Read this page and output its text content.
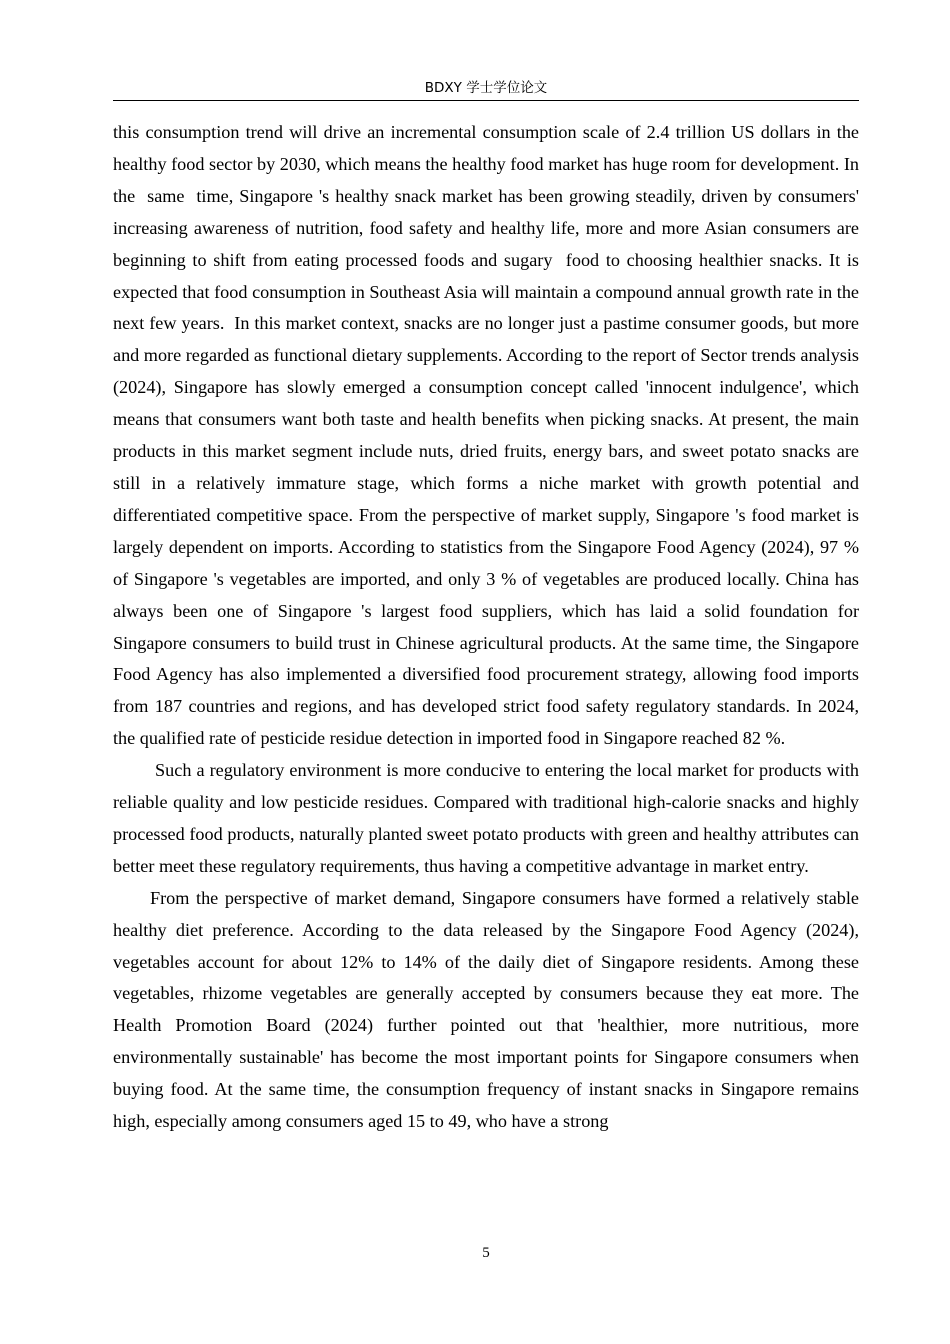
BDXY 学士学位论文

this consumption trend will drive an incremental consumption scale of 2.4 trillion US dollars in the healthy food sector by 2030, which means the healthy food market has huge room for development. In the  same  time, Singapore 's healthy snack market has been growing steadily, driven by consumers' increasing awareness of nutrition, food safety and healthy life, more and more Asian consumers are beginning to shift from eating processed foods and sugary  food to choosing healthier snacks. It is expected that food consumption in Southeast Asia will maintain a compound annual growth rate in the next few years.  In this market context, snacks are no longer just a pastime consumer goods, but more and more regarded as functional dietary supplements. According to the report of Sector trends analysis  (2024), Singapore has slowly emerged a consumption concept called 'innocent indulgence', which means that consumers want both taste and health benefits when picking snacks. At present, the main products in this market segment include nuts, dried fruits, energy bars, and sweet potato snacks are still in a relatively immature stage, which forms a niche market with growth potential and differentiated competitive space. From the perspective of market supply, Singapore 's food market is largely dependent on imports. According to statistics from the Singapore Food Agency (2024), 97 % of Singapore 's vegetables are imported, and only 3 % of vegetables are produced locally. China has always been one of Singapore 's largest food suppliers, which has laid a solid foundation for Singapore consumers to build trust in Chinese agricultural products. At the same time, the Singapore Food Agency has also implemented a diversified food procurement strategy, allowing food imports from 187 countries and regions, and has developed strict food safety regulatory standards. In 2024, the qualified rate of pesticide residue detection in imported food in Singapore reached 82 %.

Such a regulatory environment is more conducive to entering the local market for products with reliable quality and low pesticide residues. Compared with traditional high-calorie snacks and highly processed food products, naturally planted sweet potato products with green and healthy attributes can better meet these regulatory requirements, thus having a competitive advantage in market entry.

From the perspective of market demand, Singapore consumers have formed a relatively stable healthy diet preference. According to the data released by the Singapore Food Agency (2024), vegetables account for about 12% to 14% of the daily diet of Singapore residents. Among these vegetables, rhizome vegetables are generally accepted by consumers because they eat more. The Health Promotion Board (2024) further pointed out that 'healthier, more nutritious, more environmentally sustainable' has become the most important points for Singapore consumers when buying food. At the same time, the consumption frequency of instant snacks in Singapore remains high, especially among consumers aged 15 to 49, who have a strong

5
